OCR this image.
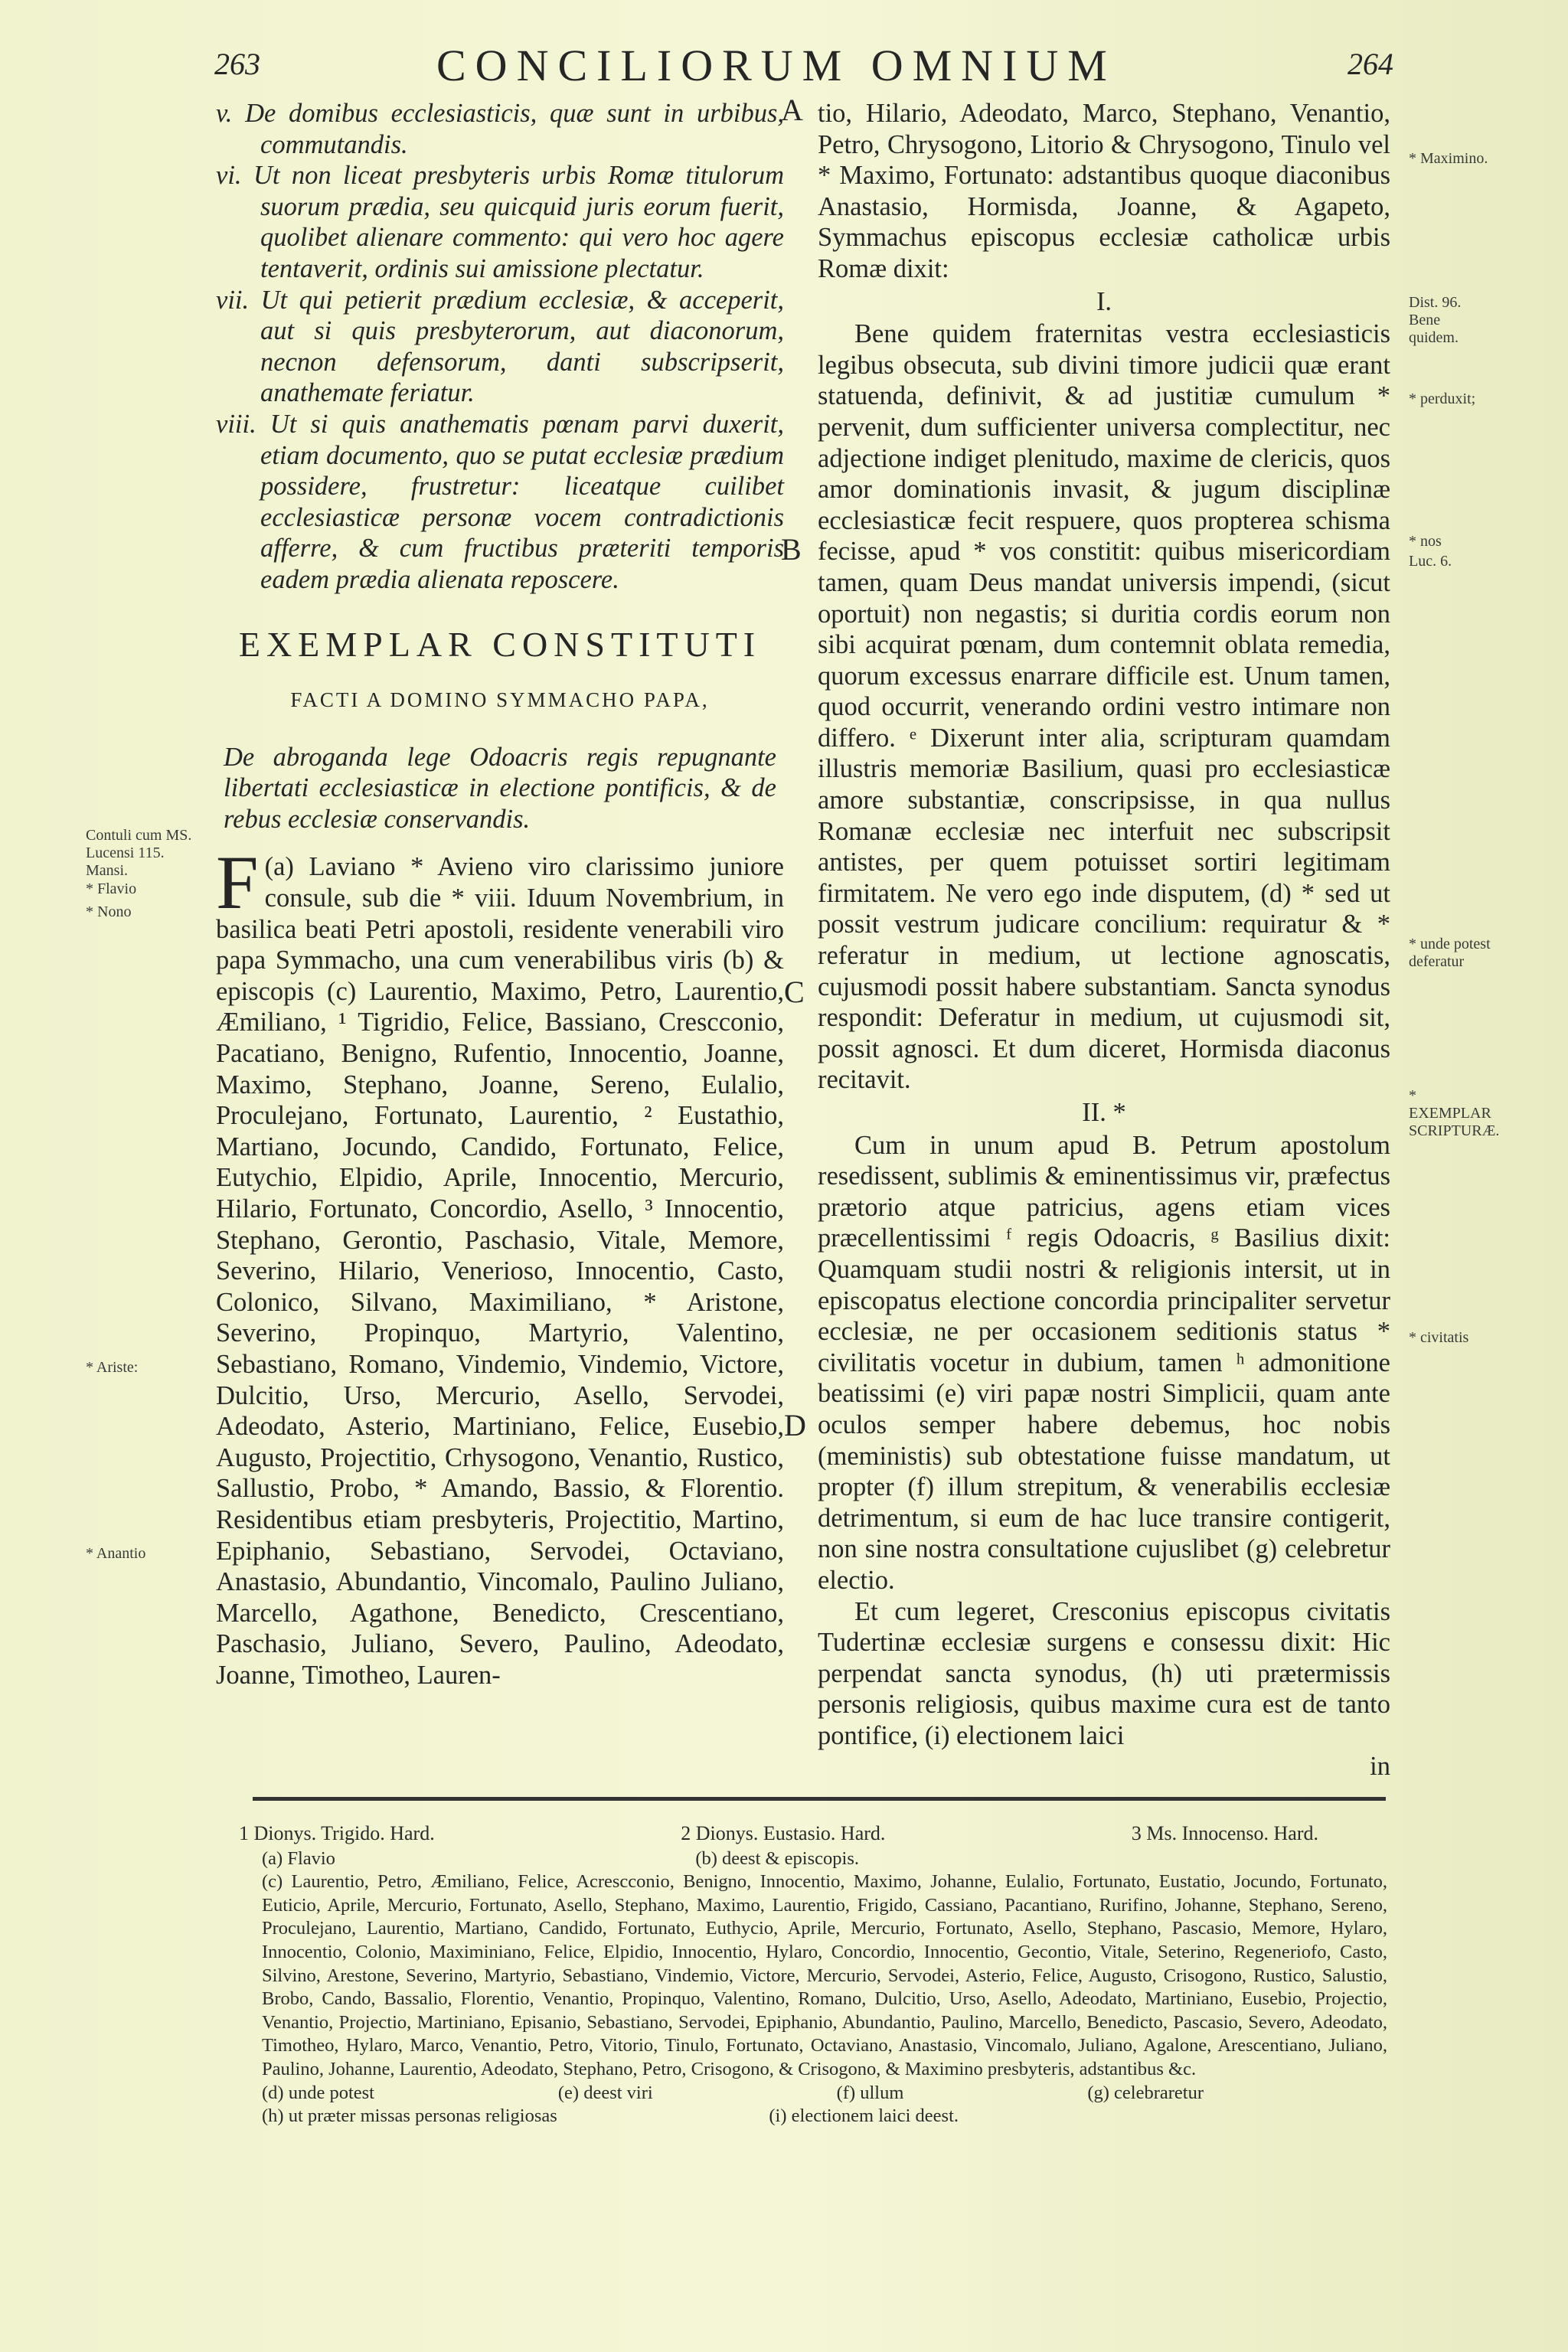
263	CONCILIORUM OMNIUM	264
Contuli cum MS. Lucensi 115. Mansi.
* Flavio
* Nono
* Ariste:
* Anantio
* Maximino.
Dist. 96. Bene quidem.
* perduxit;
* nos
Luc. 6.
* unde potest deferatur
* EXEMPLAR SCRIPTURÆ.
* civitatis
A
B
C
D

v. De domibus ecclesiasticis, quæ sunt in urbibus, commutandis.

vi. Ut non liceat presbyteris urbis Romæ titulorum suorum prædia, seu quicquid juris eorum fuerit, quolibet alienare commento: qui vero hoc agere tentaverit, ordinis sui amissione plectatur.

vii. Ut qui petierit prædium ecclesiæ, & acceperit, aut si quis presbyterorum, aut diaconorum, necnon defensorum, danti subscripserit, anathemate feriatur.

viii. Ut si quis anathematis pœnam parvi duxerit, etiam documento, quo se putat ecclesiæ prædium possidere, frustretur: liceatque cuilibet ecclesiasticæ personæ vocem contradictionis afferre, & cum fructibus præteriti temporis eadem prædia alienata reposcere.

EXEMPLAR CONSTITUTI

FACTI A DOMINO SYMMACHO PAPA,

De abroganda lege Odoacris regis repugnante libertati ecclesiasticæ in electione pontificis, & de rebus ecclesiæ conservandis.

F (a) Laviano * Avieno viro clarissimo juniore consule, sub die * viii. Iduum Novembrium, in basilica beati Petri apostoli, residente venerabili viro papa Symmacho, una cum venerabilibus viris (b) & episcopis (c) Laurentio, Maximo, Petro, Laurentio, Æmiliano, ¹ Tigridio, Felice, Bassiano, Crescconio, Pacatiano, Benigno, Rufentio, Innocentio, Joanne, Maximo, Stephano, Joanne, Sereno, Eulalio, Proculejano, Fortunato, Laurentio, ² Eustathio, Martiano, Jocundo, Candido, Fortunato, Felice, Eutychio, Elpidio, Aprile, Innocentio, Mercurio, Hilario, Fortunato, Concordio, Asello, ³ Innocentio, Stephano, Gerontio, Paschasio, Vitale, Memore, Severino, Hilario, Venerioso, Innocentio, Casto, Colonico, Silvano, Maximiliano, * Aristone, Severino, Propinquo, Martyrio, Valentino, Sebastiano, Romano, Vindemio, Vindemio, Victore, Dulcitio, Urso, Mercurio, Asello, Servodei, Adeodato, Asterio, Martiniano, Felice, Eusebio, Augusto, Projectitio, Crhysogono, Venantio, Rustico, Sallustio, Probo, * Amando, Bassio, & Florentio. Residentibus etiam presbyteris, Projectitio, Martino, Epiphanio, Sebastiano, Servodei, Octaviano, Anastasio, Abundantio, Vincomalo, Paulino Juliano, Marcello, Agathone, Benedicto, Crescentiano, Paschasio, Juliano, Severo, Paulino, Adeodato, Joanne, Timotheo, Lauren-

tio, Hilario, Adeodato, Marco, Stephano, Venantio, Petro, Chrysogono, Litorio & Chrysogono, Tinulo vel * Maximo, Fortunato: adstantibus quoque diaconibus Anastasio, Hormisda, Joanne, & Agapeto, Symmachus episcopus ecclesiæ catholicæ urbis Romæ dixit:

I.

Bene quidem fraternitas vestra ecclesiasticis legibus obsecuta, sub divini timore judicii quæ erant statuenda, definivit, & ad justitiæ cumulum * pervenit, dum sufficienter universa complectitur, nec adjectione indiget plenitudo, maxime de clericis, quos amor dominationis invasit, & jugum disciplinæ ecclesiasticæ fecit respuere, quos propterea schisma fecisse, apud * vos constitit: quibus misericordiam tamen, quam Deus mandat universis impendi, (sicut oportuit) non negastis; si duritia cordis eorum non sibi acquirat pœnam, dum contemnit oblata remedia, quorum excessus enarrare difficile est. Unum tamen, quod occurrit, venerando ordini vestro intimare non differo. ᵉ Dixerunt inter alia, scripturam quamdam illustris memoriæ Basilium, quasi pro ecclesiasticæ amore substantiæ, conscripsisse, in qua nullus Romanæ ecclesiæ nec interfuit nec subscripsit antistes, per quem potuisset sortiri legitimam firmitatem. Ne vero ego inde disputem, (d) * sed ut possit vestrum judicare concilium: requiratur & * referatur in medium, ut lectione agnoscatis, cujusmodi possit habere substantiam. Sancta synodus respondit: Deferatur in medium, ut cujusmodi sit, possit agnosci. Et dum diceret, Hormisda diaconus recitavit.

II. *

Cum in unum apud B. Petrum apostolum resedissent, sublimis & eminentissimus vir, præfectus prætorio atque patricius, agens etiam vices præcellentissimi ᶠ regis Odoacris, ᵍ Basilius dixit: Quamquam studii nostri & religionis intersit, ut in episcopatus electione concordia principaliter servetur ecclesiæ, ne per occasionem seditionis status * civilitatis vocetur in dubium, tamen ʰ admonitione beatissimi (e) viri papæ nostri Simplicii, quam ante oculos semper habere debemus, hoc nobis (meministis) sub obtestatione fuisse mandatum, ut propter (f) illum strepitum, & venerabilis ecclesiæ detrimentum, si eum de hac luce transire contigerit, non sine nostra consultatione cujuslibet (g) celebretur electio.

Et cum legeret, Cresconius episcopus civitatis Tudertinæ ecclesiæ surgens e consessu dixit: Hic perpendat sancta synodus, (h) uti prætermissis personis religiosis, quibus maxime cura est de tanto pontifice, (i) electionem laici

in

1 Dionys. Trigido. Hard.	2 Dionys. Eustasio. Hard.	3 Ms. Innocenso. Hard.
(a) Flavio	(b) deest & episcopis.

(c) Laurentio, Petro, Æmiliano, Felice, Acrescconio, Benigno, Innocentio, Maximo, Johanne, Eulalio, Fortunato, Eustatio, Jocundo, Fortunato, Euticio, Aprile, Mercurio, Fortunato, Asello, Stephano, Maximo, Laurentio, Frigido, Cassiano, Pacantiano, Rurifino, Johanne, Stephano, Sereno, Proculejano, Laurentio, Martiano, Candido, Fortunato, Euthycio, Aprile, Mercurio, Fortunato, Asello, Stephano, Pascasio, Memore, Hylaro, Innocentio, Colonio, Maximiniano, Felice, Elpidio, Innocentio, Hylaro, Concordio, Innocentio, Gecontio, Vitale, Seterino, Regeneriofo, Casto, Silvino, Arestone, Severino, Martyrio, Sebastiano, Vindemio, Victore, Mercurio, Servodei, Asterio, Felice, Augusto, Crisogono, Rustico, Salustio, Brobo, Cando, Bassalio, Florentio, Venantio, Propinquo, Valentino, Romano, Dulcitio, Urso, Asello, Adeodato, Martiniano, Eusebio, Projectio, Venantio, Projectio, Martiniano, Episanio, Sebastiano, Servodei, Epiphanio, Abundantio, Paulino, Marcello, Benedicto, Pascasio, Severo, Adeodato, Timotheo, Hylaro, Marco, Venantio, Petro, Vitorio, Tinulo, Fortunato, Octaviano, Anastasio, Vincomalo, Juliano, Agalone, Arescentiano, Juliano, Paulino, Johanne, Laurentio, Adeodato, Stephano, Petro, Crisogono, & Crisogono, & Maximino presbyteris, adstantibus &c.

(d) unde potest	(e) deest viri	(f) ullum	(g) celebraretur
(h) ut præter missas personas religiosas	(i) electionem laici deest.
